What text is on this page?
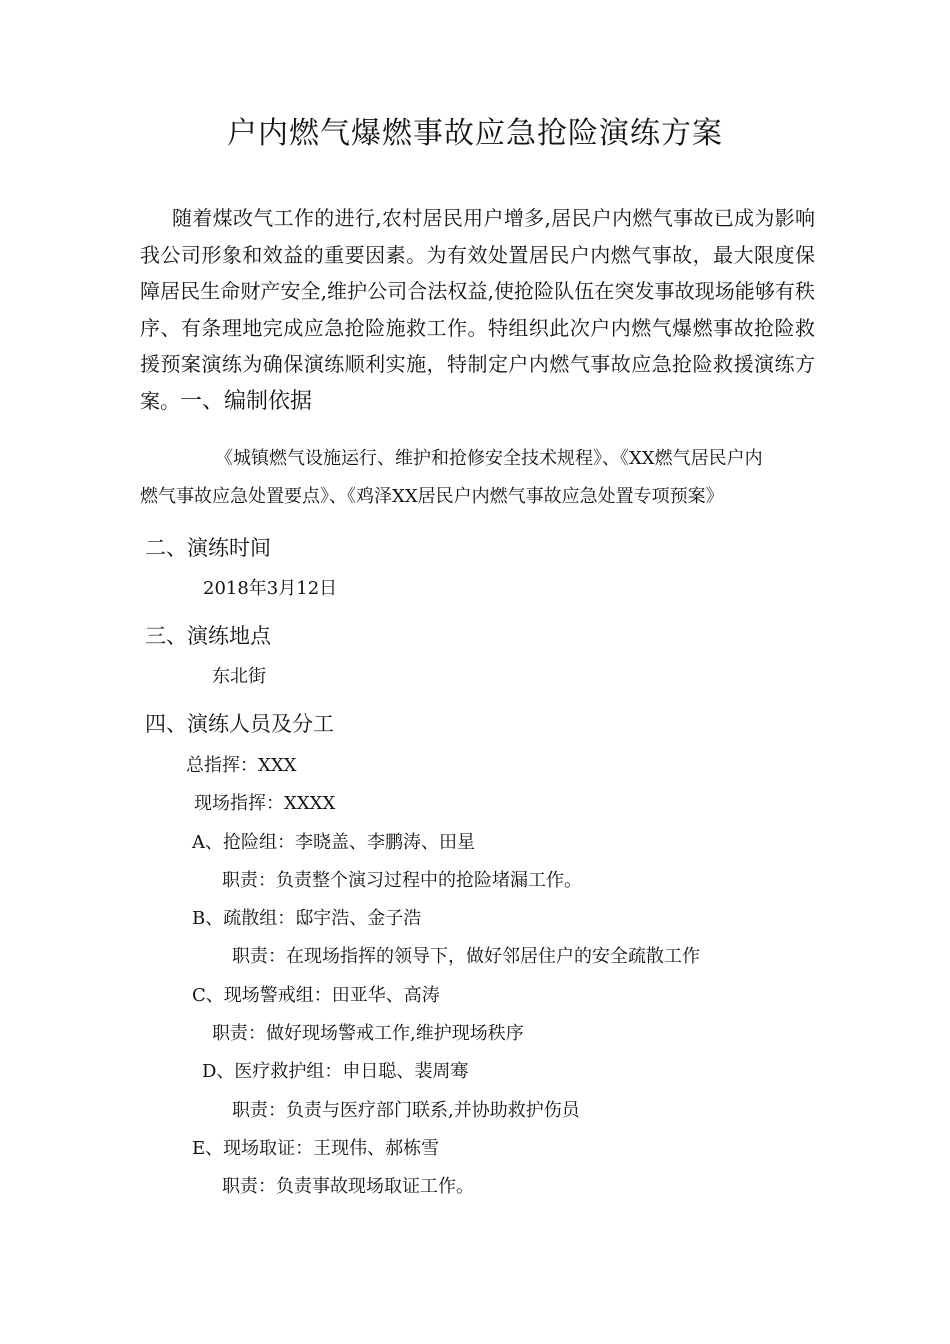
户内燃气爆燃事故应急抢险演练方案

随着煤改气工作的进行,农村居民用户增多,居民户内燃气事故已成为影响我公司形象和效益的重要因素。为有效处置居民户内燃气事故，最大限度保障居民生命财产安全,维护公司合法权益,使抢险队伍在突发事故现场能够有秩序、有条理地完成应急抢险施救工作。特组织此次户内燃气爆燃事故抢险救援预案演练为确保演练顺利实施，特制定户内燃气事故应急抢险救援演练方案。一、编制依据

《城镇燃气设施运行、维护和抢修安全技术规程》、《XX燃气居民户内
燃气事故应急处置要点》、《鸡泽XX居民户内燃气事故应急处置专项预案》

二、演练时间

2018年3月12日

三、演练地点

东北街

四、演练人员及分工

总指挥：XXX

现场指挥：XXXX

A、抢险组：李晓盖、李鹏涛、田星

职责：负责整个演习过程中的抢险堵漏工作。

B、疏散组：邸宇浩、金子浩

职责：在现场指挥的领导下，做好邻居住户的安全疏散工作

C、现场警戒组：田亚华、高涛

职责：做好现场警戒工作,维护现场秩序

D、医疗救护组：申日聪、裴周骞

职责：负责与医疗部门联系,并协助救护伤员

E、现场取证：王现伟、郝栋雪

职责：负责事故现场取证工作。
